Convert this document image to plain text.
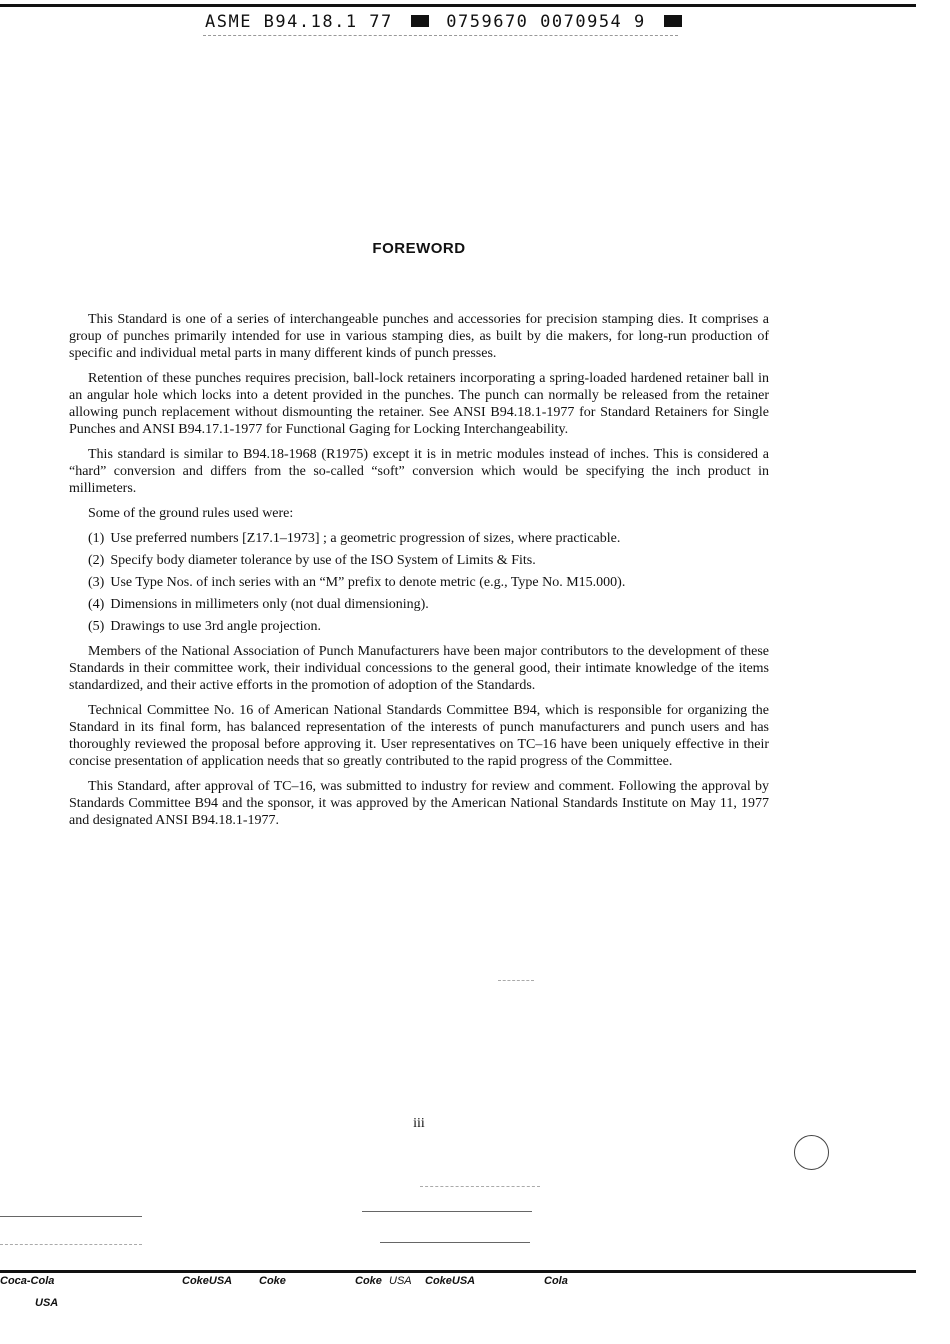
ASME B94.18.1 77	0759670 0070954 9
FOREWORD

This Standard is one of a series of interchangeable punches and accessories for precision stamping dies. It comprises a group of punches primarily intended for use in various stamping dies, as built by die makers, for long-run production of specific and individual metal parts in many different kinds of punch presses.

Retention of these punches requires precision, ball-lock retainers incorporating a spring-loaded hardened retainer ball in an angular hole which locks into a detent provided in the punches. The punch can normally be released from the retainer allowing punch replacement without dismounting the retainer. See ANSI B94.18.1-1977 for Standard Retainers for Single Punches and ANSI B94.17.1-1977 for Functional Gaging for Locking Interchangeability.

This standard is similar to B94.18-1968 (R1975) except it is in metric modules instead of inches. This is considered a “hard” conversion and differs from the so-called “soft” conversion which would be specifying the inch product in millimeters.

Some of the ground rules used were:

(1) Use preferred numbers [Z17.1–1973] ; a geometric progression of sizes, where practicable.
(2) Specify body diameter tolerance by use of the ISO System of Limits & Fits.
(3) Use Type Nos. of inch series with an “M” prefix to denote metric (e.g., Type No. M15.000).
(4) Dimensions in millimeters only (not dual dimensioning).
(5) Drawings to use 3rd angle projection.

Members of the National Association of Punch Manufacturers have been major contributors to the development of these Standards in their committee work, their individual concessions to the general good, their intimate knowledge of the items standardized, and their active efforts in the promotion of adoption of the Standards.

Technical Committee No. 16 of American National Standards Committee B94, which is responsible for organizing the Standard in its final form, has balanced representation of the interests of punch manufacturers and punch users and has thoroughly reviewed the proposal before approving it. User representatives on TC–16 have been uniquely effective in their concise presentation of application needs that so greatly contributed to the rapid progress of the Committee.

This Standard, after approval of TC–16, was submitted to industry for review and comment. Following the approval by Standards Committee B94 and the sponsor, it was approved by the American National Standards Institute on May 11, 1977 and designated ANSI B94.18.1-1977.

iii
Coca-Cola	CokeUSA Coke	Coke USA CokeUSA	Cola
USA
